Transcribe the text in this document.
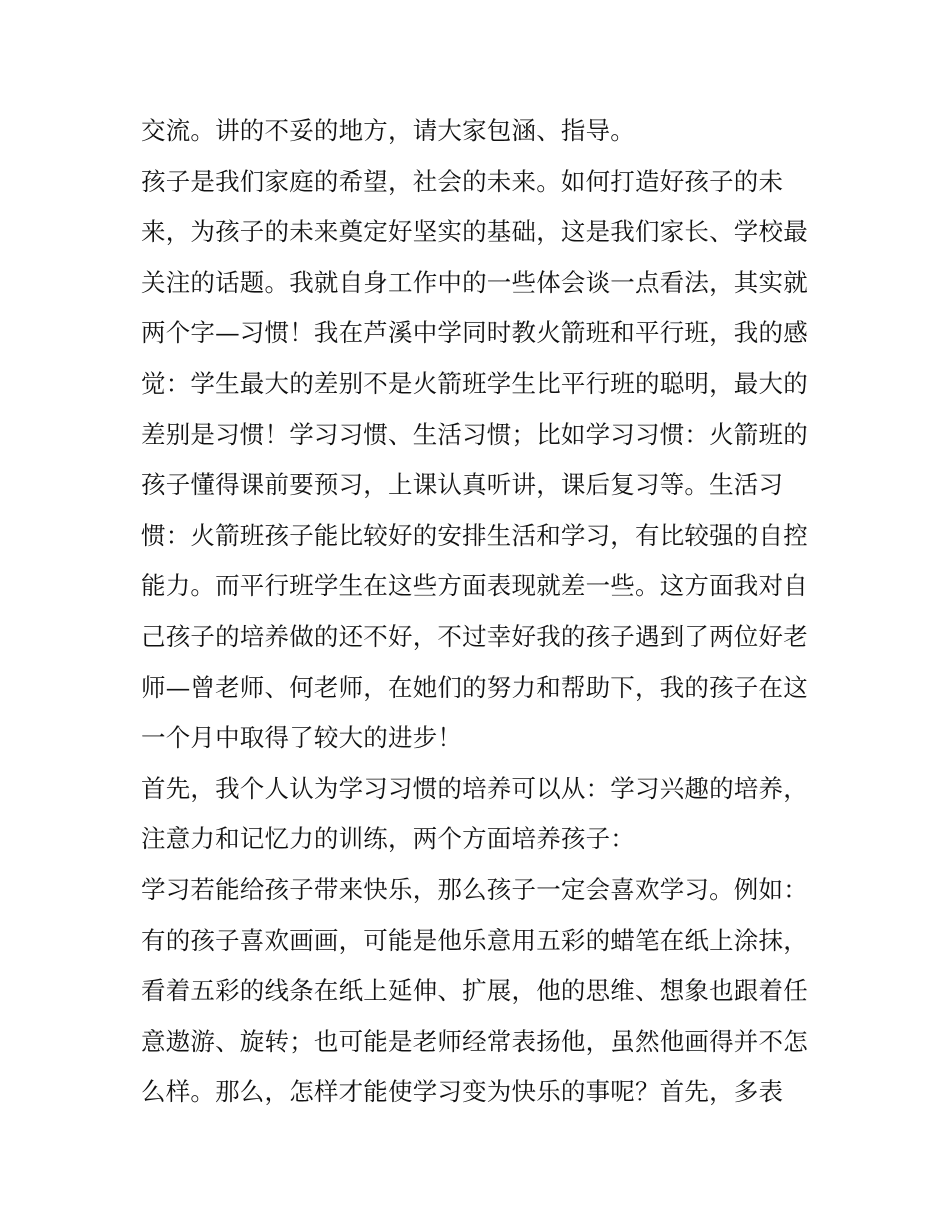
交流。讲的不妥的地方，请大家包涵、指导。
孩子是我们家庭的希望，社会的未来。如何打造好孩子的未
来，为孩子的未来奠定好坚实的基础，这是我们家长、学校最
关注的话题。我就自身工作中的一些体会谈一点看法，其实就
两个字—习惯！我在芦溪中学同时教火箭班和平行班，我的感
觉：学生最大的差别不是火箭班学生比平行班的聪明，最大的
差别是习惯！学习习惯、生活习惯；比如学习习惯：火箭班的
孩子懂得课前要预习，上课认真听讲，课后复习等。生活习
惯：火箭班孩子能比较好的安排生活和学习，有比较强的自控
能力。而平行班学生在这些方面表现就差一些。这方面我对自
己孩子的培养做的还不好，不过幸好我的孩子遇到了两位好老
师—曾老师、何老师，在她们的努力和帮助下，我的孩子在这
一个月中取得了较大的进步！
首先，我个人认为学习习惯的培养可以从：学习兴趣的培养，
注意力和记忆力的训练，两个方面培养孩子：
学习若能给孩子带来快乐，那么孩子一定会喜欢学习。例如：
有的孩子喜欢画画，可能是他乐意用五彩的蜡笔在纸上涂抹，
看着五彩的线条在纸上延伸、扩展，他的思维、想象也跟着任
意遨游、旋转；也可能是老师经常表扬他，虽然他画得并不怎
么样。那么，怎样才能使学习变为快乐的事呢？首先，多表
